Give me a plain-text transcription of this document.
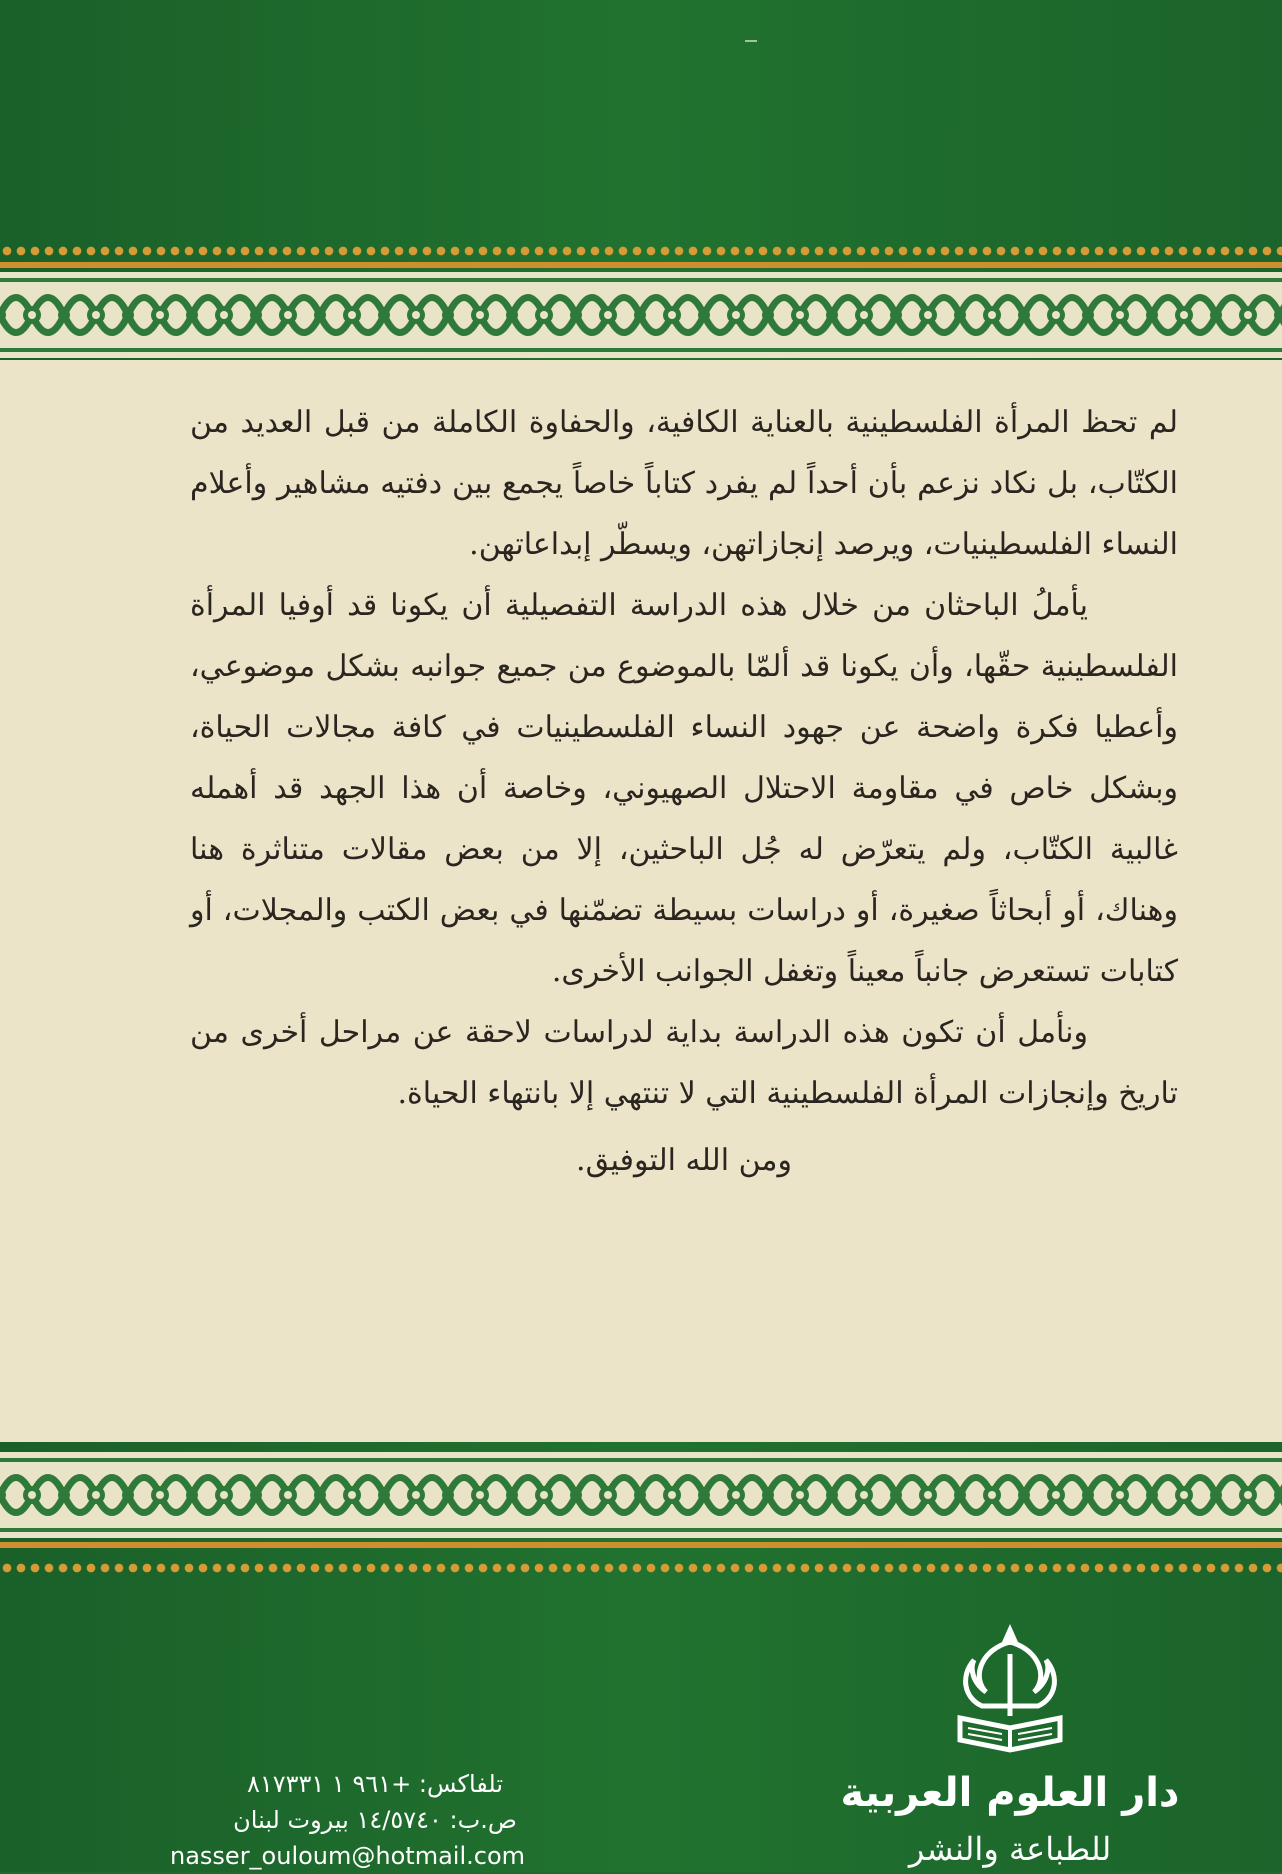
لم تحظ المرأة الفلسطينية بالعناية الكافية، والحفاوة الكاملة من قبل العديد من الكتّاب، بل نكاد نزعم بأن أحداً لم يفرد كتاباً خاصاً يجمع بين دفتيه مشاهير وأعلام النساء الفلسطينيات، ويرصد إنجازاتهن، ويسطّر إبداعاتهن.

يأملُ الباحثان من خلال هذه الدراسة التفصيلية أن يكونا قد أوفيا المرأة الفلسطينية حقّها، وأن يكونا قد ألمّا بالموضوع من جميع جوانبه بشكل موضوعي، وأعطيا فكرة واضحة عن جهود النساء الفلسطينيات في كافة مجالات الحياة، وبشكل خاص في مقاومة الاحتلال الصهيوني، وخاصة أن هذا الجهد قد أهمله غالبية الكتّاب، ولم يتعرّض له جُل الباحثين، إلا من بعض مقالات متناثرة هنا وهناك، أو أبحاثاً صغيرة، أو دراسات بسيطة تضمّنها في بعض الكتب والمجلات، أو كتابات تستعرض جانباً معيناً وتغفل الجوانب الأخرى.

ونأمل أن تكون هذه الدراسة بداية لدراسات لاحقة عن مراحل أخرى من تاريخ وإنجازات المرأة الفلسطينية التي لا تنتهي إلا بانتهاء الحياة.

ومن الله التوفيق.

دار العلوم العربية
للطباعة والنشر
تلفاكس: +٩٦١ ١ ٨١٧٣٣١
ص.ب: ١٤/٥٧٤٠ بيروت لبنان
nasser_ouloum@hotmail.com
